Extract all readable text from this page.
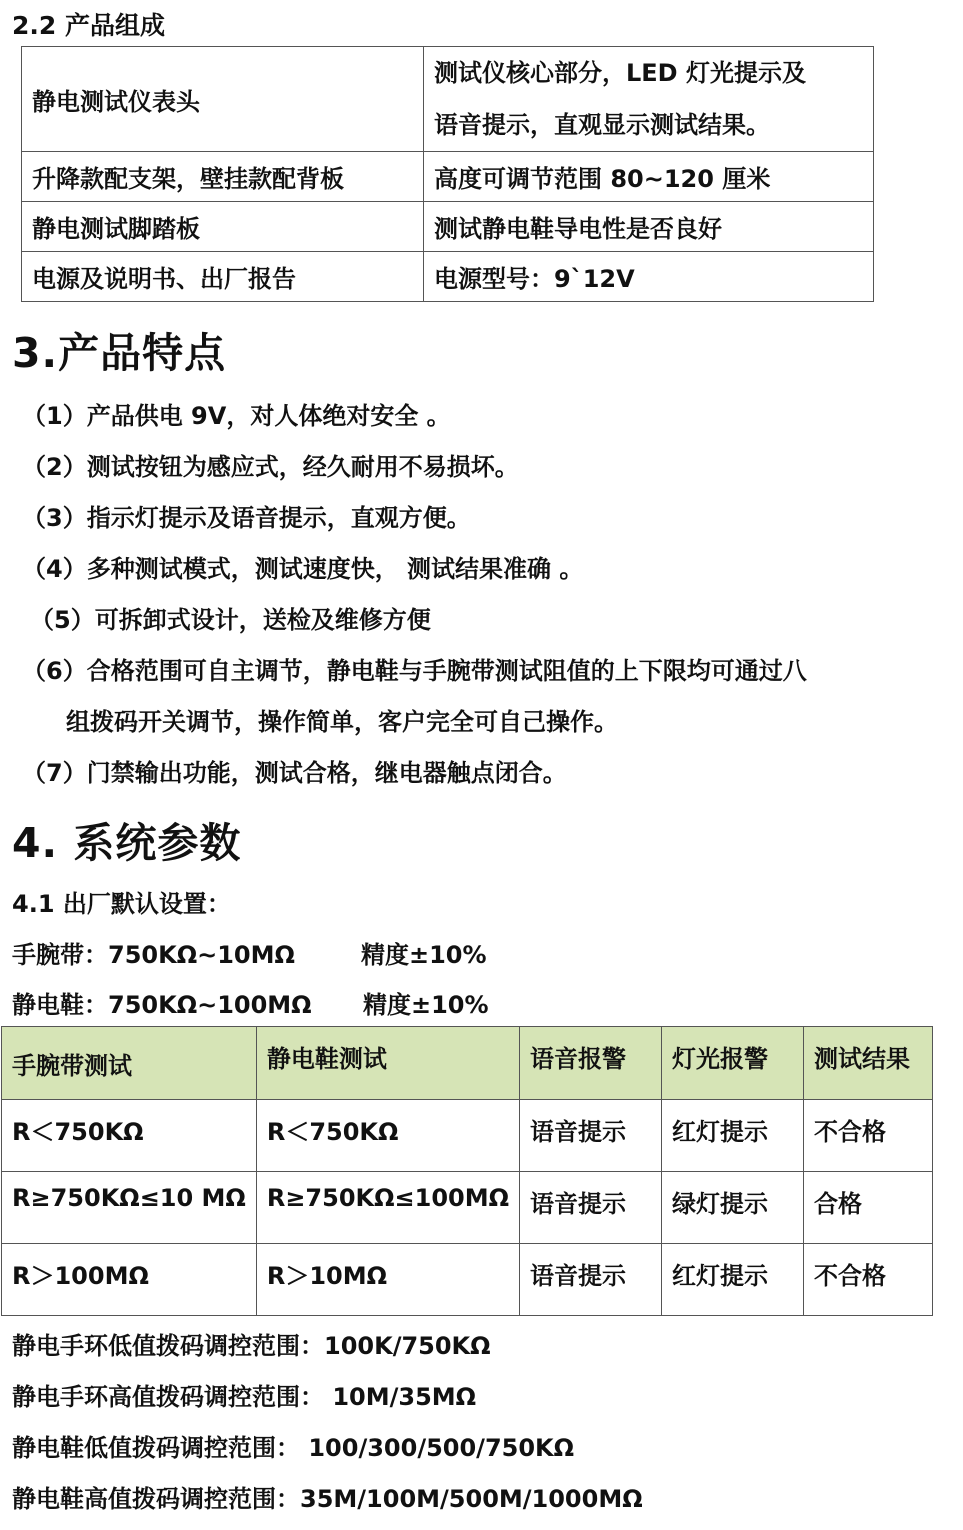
2.2 产品组成
静电测试仪表头	测试仪核心部分，LED 灯光提示及
语音提示，直观显示测试结果。

升降款配支架，壁挂款配背板	高度可调节范围 80~120 厘米
静电测试脚踏板	测试静电鞋导电性是否良好
电源及说明书、出厂报告	电源型号：9`12V
3.产品特点
（1）产品供电 9V，对人体绝对安全 。
（2）测试按钮为感应式，经久耐用不易损坏。
（3）指示灯提示及语音提示，直观方便。
（4）多种测试模式，测试速度快， 测试结果准确 。
（5）可拆卸式设计，送检及维修方便
（6）合格范围可自主调节，静电鞋与手腕带测试阻值的上下限均可通过八
组拨码开关调节，操作简单，客户完全可自己操作。
（7）门禁输出功能，测试合格，继电器触点闭合。
4. 系统参数
4.1 出厂默认设置：
手腕带：750KΩ~10MΩ	精度±10%
静电鞋：750KΩ~100MΩ 精度±10%
手腕带测试	静电鞋测试	语音报警	灯光报警	测试结果
R＜750KΩ	R＜750KΩ	语音提示	红灯提示	不合格
R≥750KΩ≤10 MΩ	R≥750KΩ≤100MΩ	语音提示	绿灯提示	合格
R＞100MΩ	R＞10MΩ	语音提示	红灯提示	不合格
静电手环低值拨码调控范围：100K/750KΩ
静电手环高值拨码调控范围： 10M/35MΩ
静电鞋低值拨码调控范围： 100/300/500/750KΩ
静电鞋高值拨码调控范围：35M/100M/500M/1000MΩ
